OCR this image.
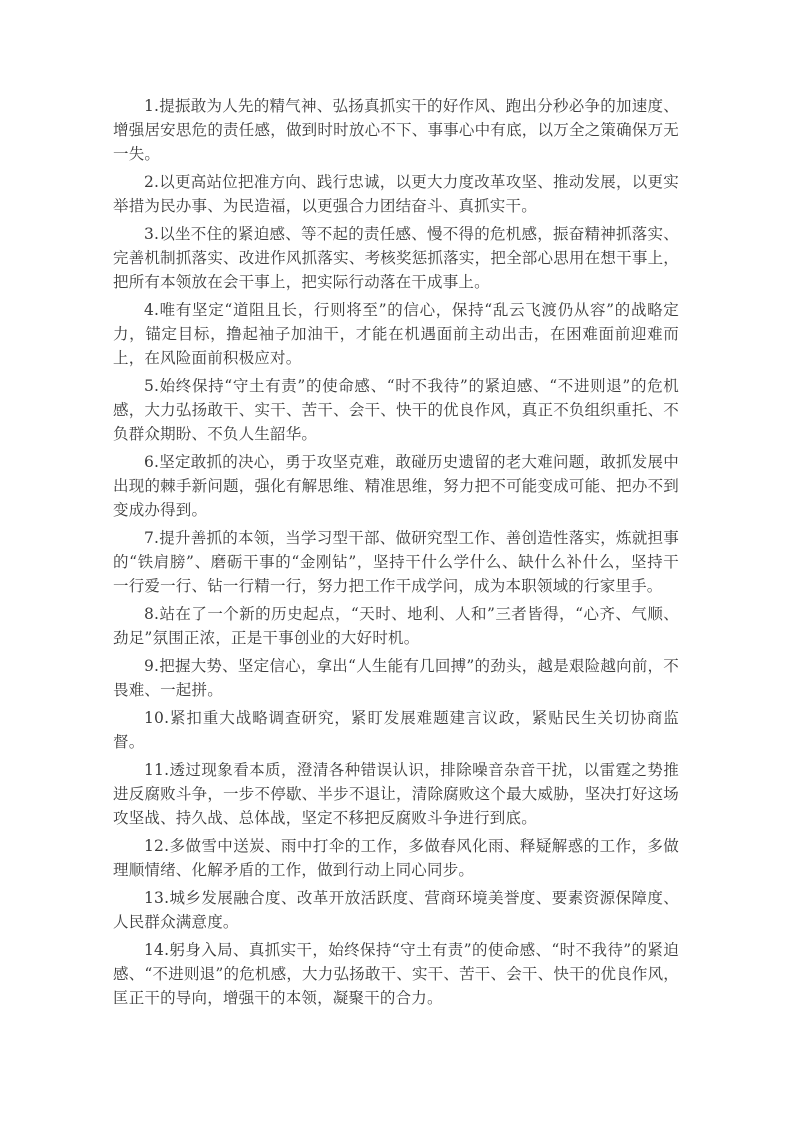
1.提振敢为人先的精气神、弘扬真抓实干的好作风、跑出分秒必争的加速度、增强居安思危的责任感，做到时时放心不下、事事心中有底，以万全之策确保万无一失。

2.以更高站位把准方向、践行忠诚，以更大力度改革攻坚、推动发展，以更实举措为民办事、为民造福，以更强合力团结奋斗、真抓实干。

3.以坐不住的紧迫感、等不起的责任感、慢不得的危机感，振奋精神抓落实、完善机制抓落实、改进作风抓落实、考核奖惩抓落实，把全部心思用在想干事上，把所有本领放在会干事上，把实际行动落在干成事上。

4.唯有坚定“道阻且长，行则将至”的信心，保持“乱云飞渡仍从容”的战略定力，锚定目标，撸起袖子加油干，才能在机遇面前主动出击，在困难面前迎难而上，在风险面前积极应对。

5.始终保持“守土有责”的使命感、“时不我待”的紧迫感、“不进则退”的危机感，大力弘扬敢干、实干、苦干、会干、快干的优良作风，真正不负组织重托、不负群众期盼、不负人生韶华。

6.坚定敢抓的决心，勇于攻坚克难，敢碰历史遗留的老大难问题，敢抓发展中出现的棘手新问题，强化有解思维、精准思维，努力把不可能变成可能、把办不到变成办得到。

7.提升善抓的本领，当学习型干部、做研究型工作、善创造性落实，炼就担事的“铁肩膀”、磨砺干事的“金刚钻”，坚持干什么学什么、缺什么补什么，坚持干一行爱一行、钻一行精一行，努力把工作干成学问，成为本职领域的行家里手。

8.站在了一个新的历史起点，“天时、地利、人和”三者皆得，“心齐、气顺、劲足”氛围正浓，正是干事创业的大好时机。

9.把握大势、坚定信心，拿出“人生能有几回搏”的劲头，越是艰险越向前，不畏难、一起拼。

10.紧扣重大战略调查研究，紧盯发展难题建言议政，紧贴民生关切协商监督。

11.透过现象看本质，澄清各种错误认识，排除噪音杂音干扰，以雷霆之势推进反腐败斗争，一步不停歇、半步不退让，清除腐败这个最大威胁，坚决打好这场攻坚战、持久战、总体战，坚定不移把反腐败斗争进行到底。

12.多做雪中送炭、雨中打伞的工作，多做春风化雨、释疑解惑的工作，多做理顺情绪、化解矛盾的工作，做到行动上同心同步。

13.城乡发展融合度、改革开放活跃度、营商环境美誉度、要素资源保障度、人民群众满意度。

14.躬身入局、真抓实干，始终保持“守土有责”的使命感、“时不我待”的紧迫感、“不进则退”的危机感，大力弘扬敢干、实干、苦干、会干、快干的优良作风，匡正干的导向，增强干的本领，凝聚干的合力。
